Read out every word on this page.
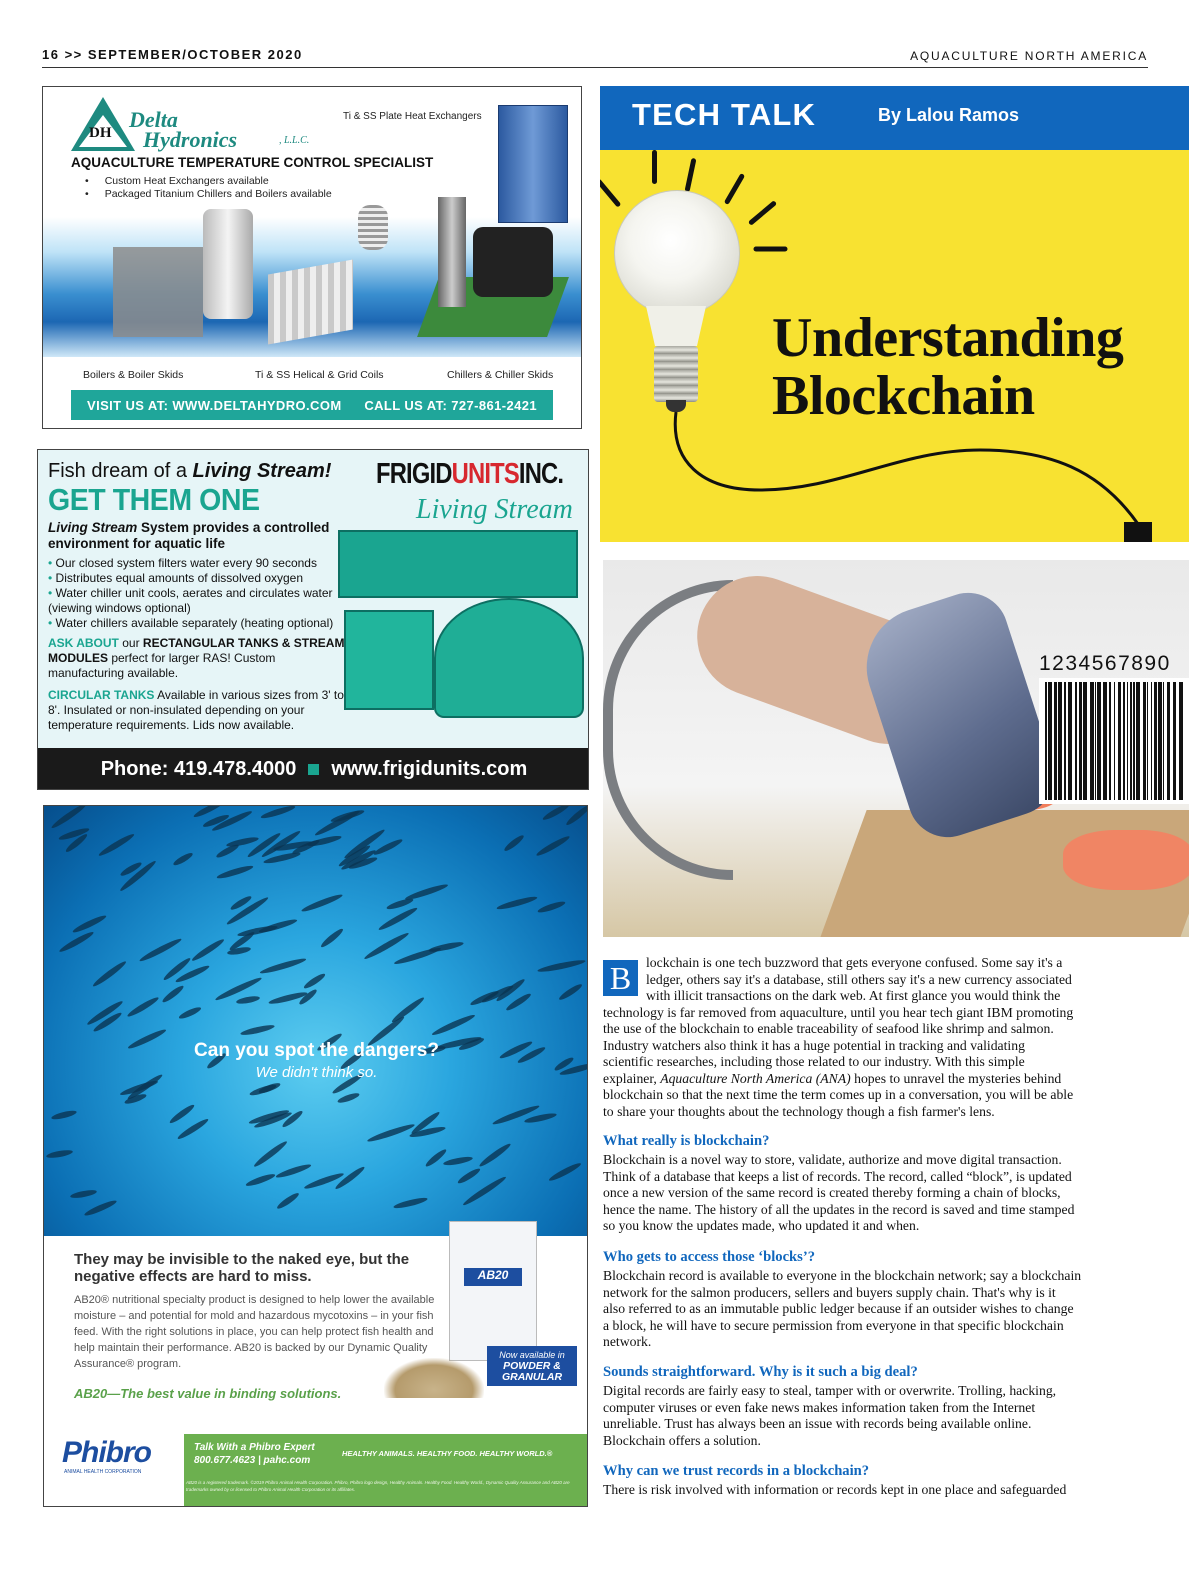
16 >> SEPTEMBER/OCTOBER 2020	AQUACULTURE NORTH AMERICA
DH
Delta
Hydronics	, L.L.C.
Ti & SS Plate Heat Exchangers
AQUACULTURE TEMPERATURE CONTROL SPECIALIST
• Custom Heat Exchangers available
• Packaged Titanium Chillers and Boilers available
Boilers & Boiler Skids	Ti & SS Helical & Grid Coils	Chillers & Chiller Skids
VISIT US AT: WWW.DELTAHYDRO.COM CALL US AT: 727-861-2421
Fish dream of a Living Stream!
GET THEM ONE
FRIGIDUNITSINC.
Living Stream
Living Stream System provides a controlled environment for aquatic life
• Our closed system filters water every 90 seconds
• Distributes equal amounts of dissolved oxygen
• Water chiller unit cools, aerates and circulates water (viewing windows optional)
• Water chillers available separately (heating optional)
ASK ABOUT our RECTANGULAR TANKS & STREAM MODULES perfect for larger RAS! Custom manufacturing available.
CIRCULAR TANKS Available in various sizes from 3' to 8'. Insulated or non-insulated depending on your temperature requirements. Lids now available.
Phone: 419.478.4000 www.frigidunits.com
Can you spot the dangers?
We didn't think so.
AB20
Now available in
POWDER & GRANULAR
They may be invisible to the naked eye, but the negative effects are hard to miss.
AB20® nutritional specialty product is designed to help lower the available moisture – and potential for mold and hazardous mycotoxins – in your fish feed. With the right solutions in place, you can help protect fish health and help maintain their performance. AB20 is backed by our Dynamic Quality Assurance® program.
AB20—The best value in binding solutions.
Phibro
ANIMAL HEALTH CORPORATION
Talk With a Phibro Expert
800.677.4623 | pahc.com
HEALTHY ANIMALS. HEALTHY FOOD. HEALTHY WORLD.®
AB20 is a registered trademark. ©2019 Phibro Animal Health Corporation. Phibro, Phibro logo design, Healthy Animals. Healthy Food. Healthy World., Dynamic Quality Assurance and AB20 are trademarks owned by or licensed to Phibro Animal Health Corporation or its affiliates.
TECH TALK	By Lalou Ramos
Understanding
Blockchain
1234567890
B	lockchain is one tech buzzword that gets everyone confused. Some say it's a
ledger, others say it's a database, still others say it's a new currency associated
with illicit transactions on the dark web. At first glance you would think the
technology is far removed from aquaculture, until you hear tech giant IBM promoting
the use of the blockchain to enable traceability of seafood like shrimp and salmon.
Industry watchers also think it has a huge potential in tracking and validating
scientific researches, including those related to our industry. With this simple
explainer, Aquaculture North America (ANA) hopes to unravel the mysteries behind
blockchain so that the next time the term comes up in a conversation, you will be able
to share your thoughts about the technology though a fish farmer's lens.
What really is blockchain?
Blockchain is a novel way to store, validate, authorize and move digital transaction.
Think of a database that keeps a list of records. The record, called “block”, is updated
once a new version of the same record is created thereby forming a chain of blocks,
hence the name. The history of all the updates in the record is saved and time stamped
so you know the updates made, who updated it and when.
Who gets to access those ‘blocks’?
Blockchain record is available to everyone in the blockchain network; say a blockchain
network for the salmon producers, sellers and buyers supply chain. That's why is it
also referred to as an immutable public ledger because if an outsider wishes to change
a block, he will have to secure permission from everyone in that specific blockchain
network.
Sounds straightforward. Why is it such a big deal?
Digital records are fairly easy to steal, tamper with or overwrite. Trolling, hacking,
computer viruses or even fake news makes information taken from the Internet
unreliable. Trust has always been an issue with records being available online.
Blockchain offers a solution.
Why can we trust records in a blockchain?
There is risk involved with information or records kept in one place and safeguarded
